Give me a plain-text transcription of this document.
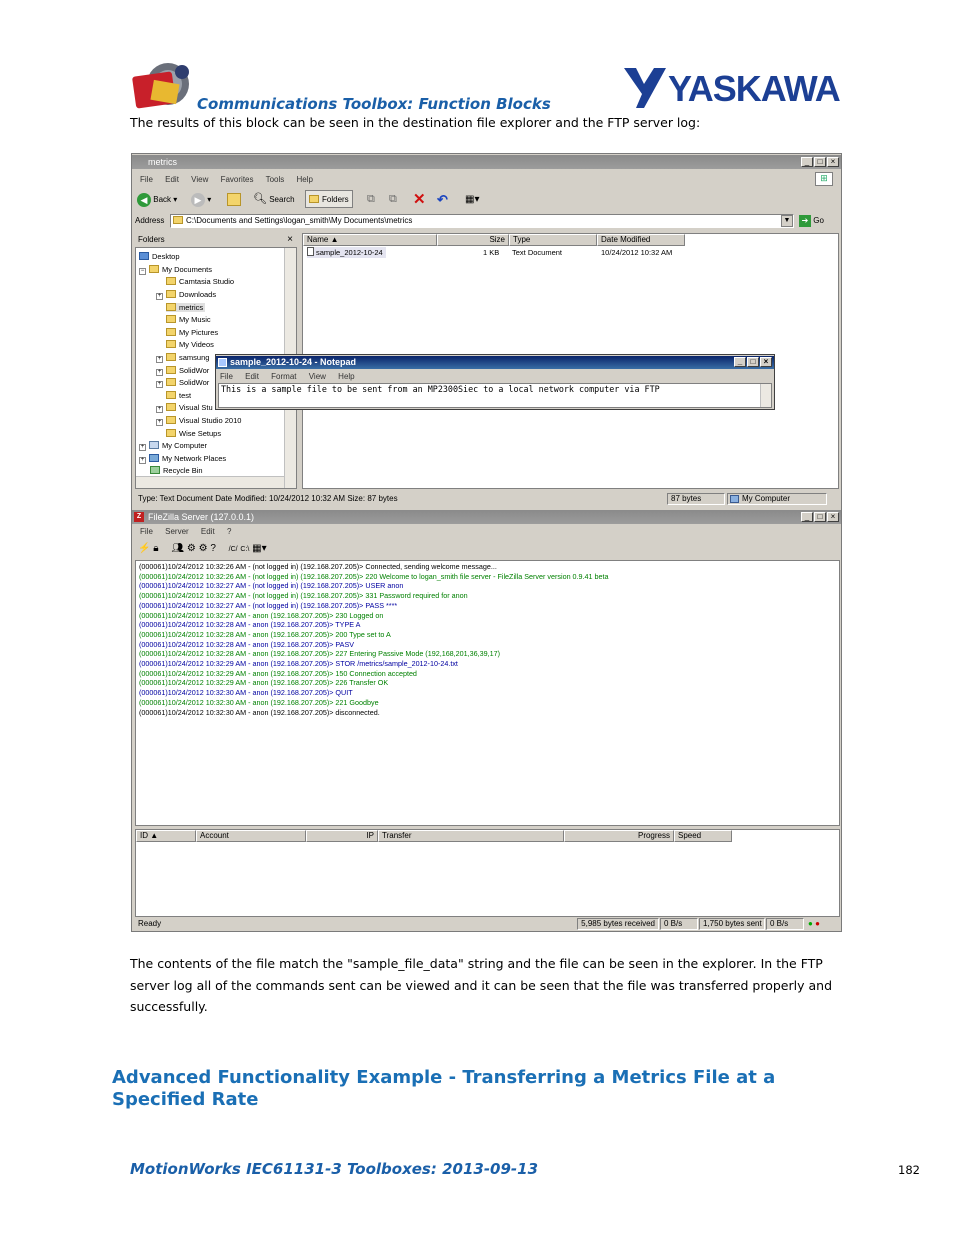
Communications Toolbox: Function Blocks	YASKAWA
The results of this block can be seen in the destination file explorer and the FTP server log:
metrics	_	□	×
File Edit View Favorites Tools Help	⊞
◀ Back ▾	▶ ▾	🔍︎ Search	Folders	⧉ ⧉ ✕ ↶ ▦▾
Address	C:\Documents and Settings\logan_smith\My Documents\metrics	▼	➔ Go
Folders	×
Desktop
− My Documents
Camtasia Studio
+ Downloads
metrics
My Music
My Pictures
My Videos
+ samsung
+ SolidWor
+ SolidWor
test
+ Visual Stu
+ Visual Studio 2010
Wise Setups
+ My Computer
+ My Network Places
Recycle Bin
Name ▲	Size	Type	Date Modified
sample_2012-10-24	1 KB Text Document	10/24/2012 10:32 AM
sample_2012-10-24 - Notepad	_	□	×
File Edit Format View Help
This is a sample file to be sent from an MP2300Siec to a local network computer via FTP
Type: Text Document Date Modified: 10/24/2012 10:32 AM Size: 87 bytes	87 bytes	My Computer
Z FileZilla Server (127.0.0.1)	_	□	×
File Server Edit ?
⚡ 🔒︎ 👥︎ ⚙ ⚙ ? /C/ C:\ ▦▾
(000061)10/24/2012 10:32:26 AM - (not logged in) (192.168.207.205)> Connected, sending welcome message...
(000061)10/24/2012 10:32:26 AM - (not logged in) (192.168.207.205)> 220 Welcome to logan_smith file server - FileZilla Server version 0.9.41 beta
(000061)10/24/2012 10:32:27 AM - (not logged in) (192.168.207.205)> USER anon
(000061)10/24/2012 10:32:27 AM - (not logged in) (192.168.207.205)> 331 Password required for anon
(000061)10/24/2012 10:32:27 AM - (not logged in) (192.168.207.205)> PASS ****
(000061)10/24/2012 10:32:27 AM - anon (192.168.207.205)> 230 Logged on
(000061)10/24/2012 10:32:28 AM - anon (192.168.207.205)> TYPE A
(000061)10/24/2012 10:32:28 AM - anon (192.168.207.205)> 200 Type set to A
(000061)10/24/2012 10:32:28 AM - anon (192.168.207.205)> PASV
(000061)10/24/2012 10:32:28 AM - anon (192.168.207.205)> 227 Entering Passive Mode (192,168,201,36,39,17)
(000061)10/24/2012 10:32:29 AM - anon (192.168.207.205)> STOR /metrics/sample_2012-10-24.txt
(000061)10/24/2012 10:32:29 AM - anon (192.168.207.205)> 150 Connection accepted
(000061)10/24/2012 10:32:29 AM - anon (192.168.207.205)> 226 Transfer OK
(000061)10/24/2012 10:32:30 AM - anon (192.168.207.205)> QUIT
(000061)10/24/2012 10:32:30 AM - anon (192.168.207.205)> 221 Goodbye
(000061)10/24/2012 10:32:30 AM - anon (192.168.207.205)> disconnected.
ID ▲	Account	IP	Transfer	Progress	Speed
Ready	5,985 bytes received	0 B/s	1,750 bytes sent	0 B/s	● ●
The contents of the file match the "sample_file_data" string and the file can be seen in the explorer. In the FTP server log all of the commands sent can be viewed and it can be seen that the file was transferred properly and successfully.
Advanced Functionality Example - Transferring a Metrics File at a Specified Rate
MotionWorks IEC61131-3 Toolboxes: 2013-09-13	182
